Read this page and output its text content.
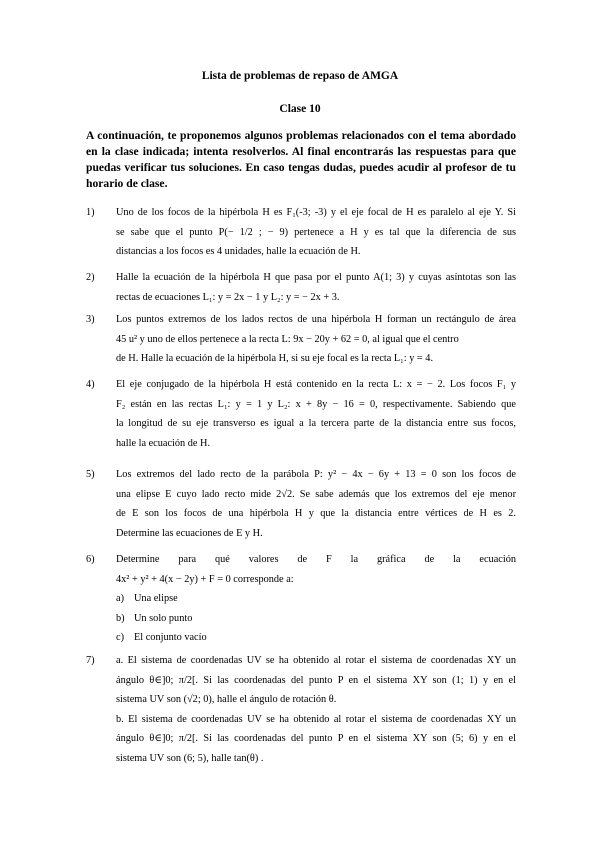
Lista de problemas de repaso de AMGA
Clase 10
A continuación, te proponemos algunos problemas relacionados con el tema abordado en la clase indicada; intenta resolverlos. Al final encontrarás las respuestas para que puedas verificar tus soluciones. En caso tengas dudas, puedes acudir al profesor de tu horario de clase.
1)	Uno de los focos de la hipérbola H es F₁(-3; -3) y el eje focal de H es paralelo al eje Y. Si
se sabe que el punto P(− 1/2 ; − 9) pertenece a H y es tal que la diferencia de sus
distancias a los focos es 4 unidades, halle la ecuación de H.
2)	Halle la ecuación de la hipérbola H que pasa por el punto A(1; 3) y cuyas asíntotas son las
rectas de ecuaciones L₁: y = 2x − 1 y L₂: y = − 2x + 3.
3)	Los puntos extremos de los lados rectos de una hipérbola H forman un rectángulo de área
45 u² y uno de ellos pertenece a la recta L: 9x − 20y + 62 = 0, al igual que el centro
de H. Halle la ecuación de la hipérbola H, si su eje focal es la recta L₁: y = 4.
4)	El eje conjugado de la hipérbola H está contenido en la recta L: x = − 2. Los focos F₁ y
F₂ están en las rectas L₁: y = 1 y L₂: x + 8y − 16 = 0, respectivamente. Sabiendo que
la longitud de su eje transverso es igual a la tercera parte de la distancia entre sus focos,
halle la ecuación de H.
5)	Los extremos del lado recto de la parábola P: y² − 4x − 6y + 13 = 0 son los focos de
una elipse E cuyo lado recto mide 2√2. Se sabe además que los extremos del eje menor
de E son los focos de una hipérbola H y que la distancia entre vértices de H es 2.
Determine las ecuaciones de E y H.
6)	Determine para qué valores de F la gráfica de la ecuación
4x² + y² + 4(x − 2y) + F = 0 corresponde a:
a) Una elipse
b) Un solo punto
c) El conjunto vacío
7)	a. El sistema de coordenadas UV se ha obtenido al rotar el sistema de coordenadas XY un
ángulo θ∈]0; π/2[. Si las coordenadas del punto P en el sistema XY son (1; 1) y en el
sistema UV son (√2; 0), halle el ángulo de rotación θ.
b. El sistema de coordenadas UV se ha obtenido al rotar el sistema de coordenadas XY un
ángulo θ∈]0; π/2[. Si las coordenadas del punto P en el sistema XY son (5; 6) y en el
sistema UV son (6; 5), halle tan(θ) .
